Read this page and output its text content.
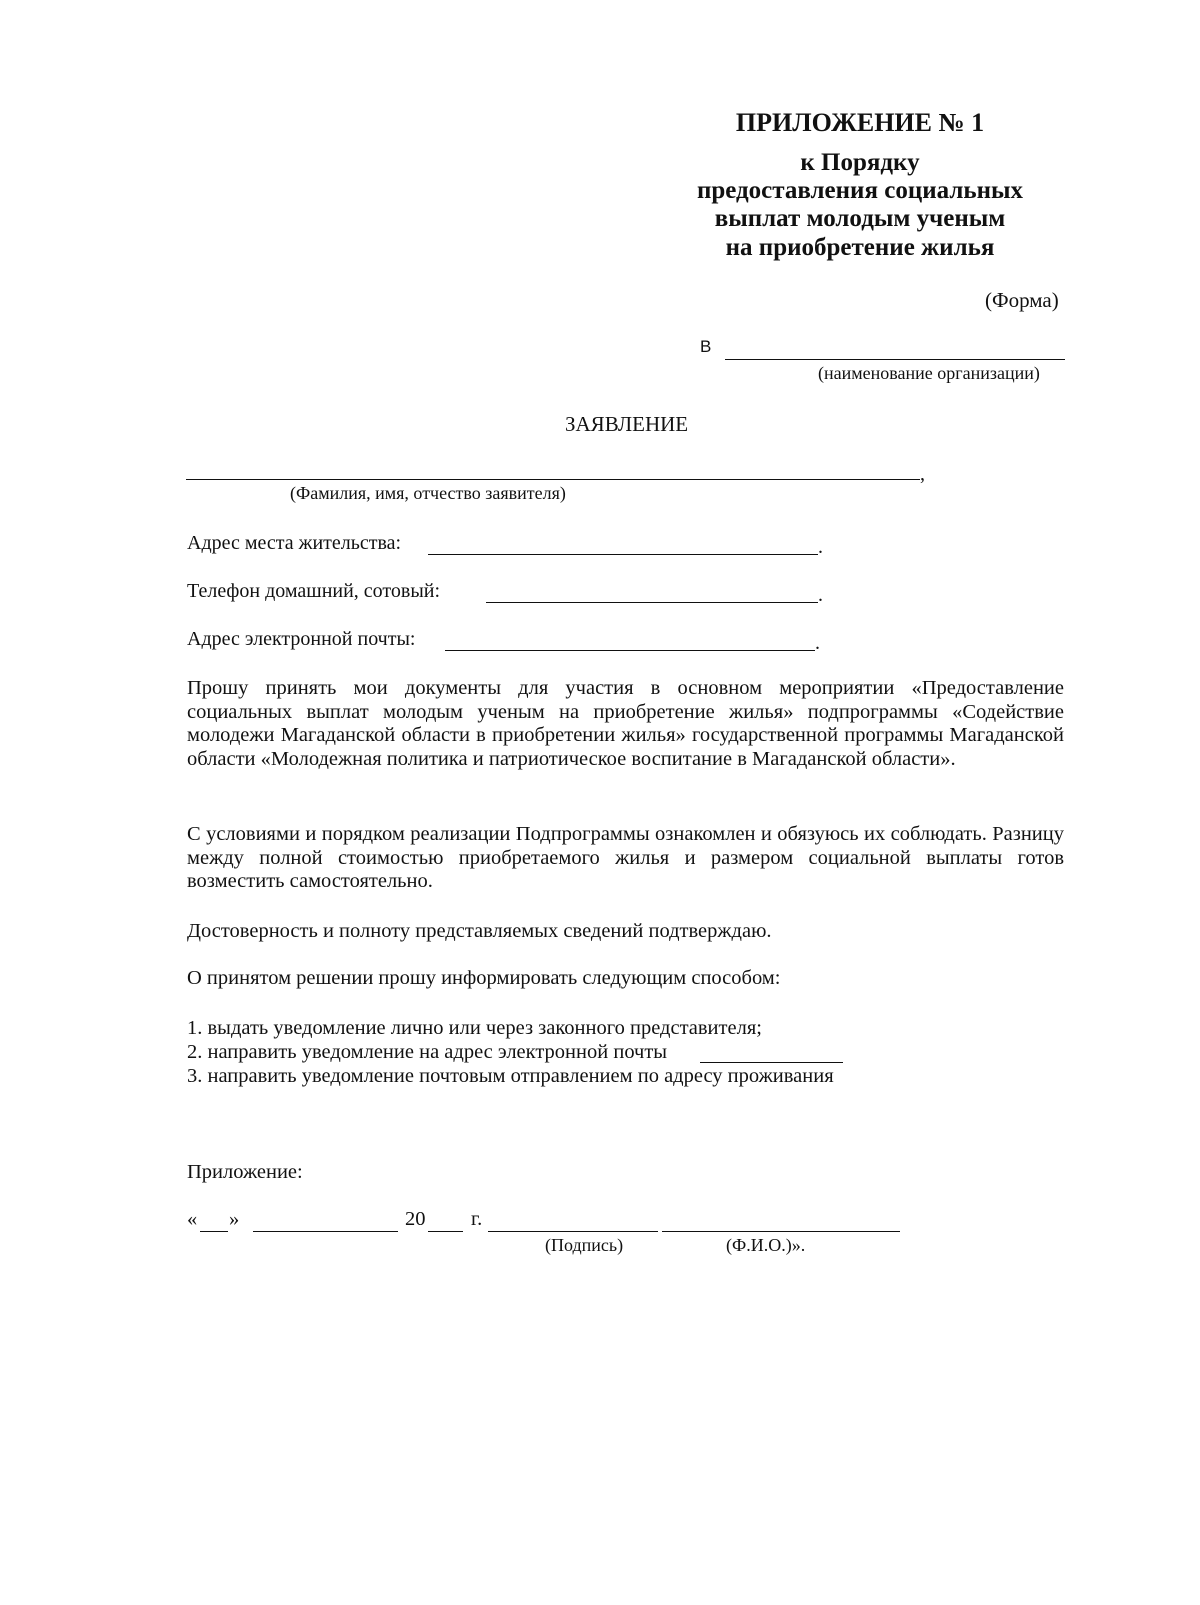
ПРИЛОЖЕНИЕ № 1
к Порядку
предоставления социальных
выплат молодым ученым
на приобретение жилья
(Форма)
В
(наименование организации)
ЗАЯВЛЕНИЕ
,
(Фамилия, имя, отчество заявителя)
Адрес места жительства:	.
Телефон домашний, сотовый:	.
Адрес электронной почты:	.
Прошу принять мои документы для участия в основном мероприятии «Предоставление социальных выплат молодым ученым на приобретение жилья» подпрограммы «Содействие молодежи Магаданской области в приобретении жилья» государственной программы Магаданской области «Молодежная политика и патриотическое воспитание в Магаданской области».
С условиями и порядком реализации Подпрограммы ознакомлен и обязуюсь их соблюдать. Разницу между полной стоимостью приобретаемого жилья и размером социальной выплаты готов возместить самостоятельно.
Достоверность и полноту представляемых сведений подтверждаю.
О принятом решении прошу информировать следующим способом:
1. выдать уведомление лично или через законного представителя;
2. направить уведомление на адрес электронной почты
3. направить уведомление почтовым отправлением по адресу проживания
Приложение:
« »	20 г.
(Подпись)	(Ф.И.О.)».
